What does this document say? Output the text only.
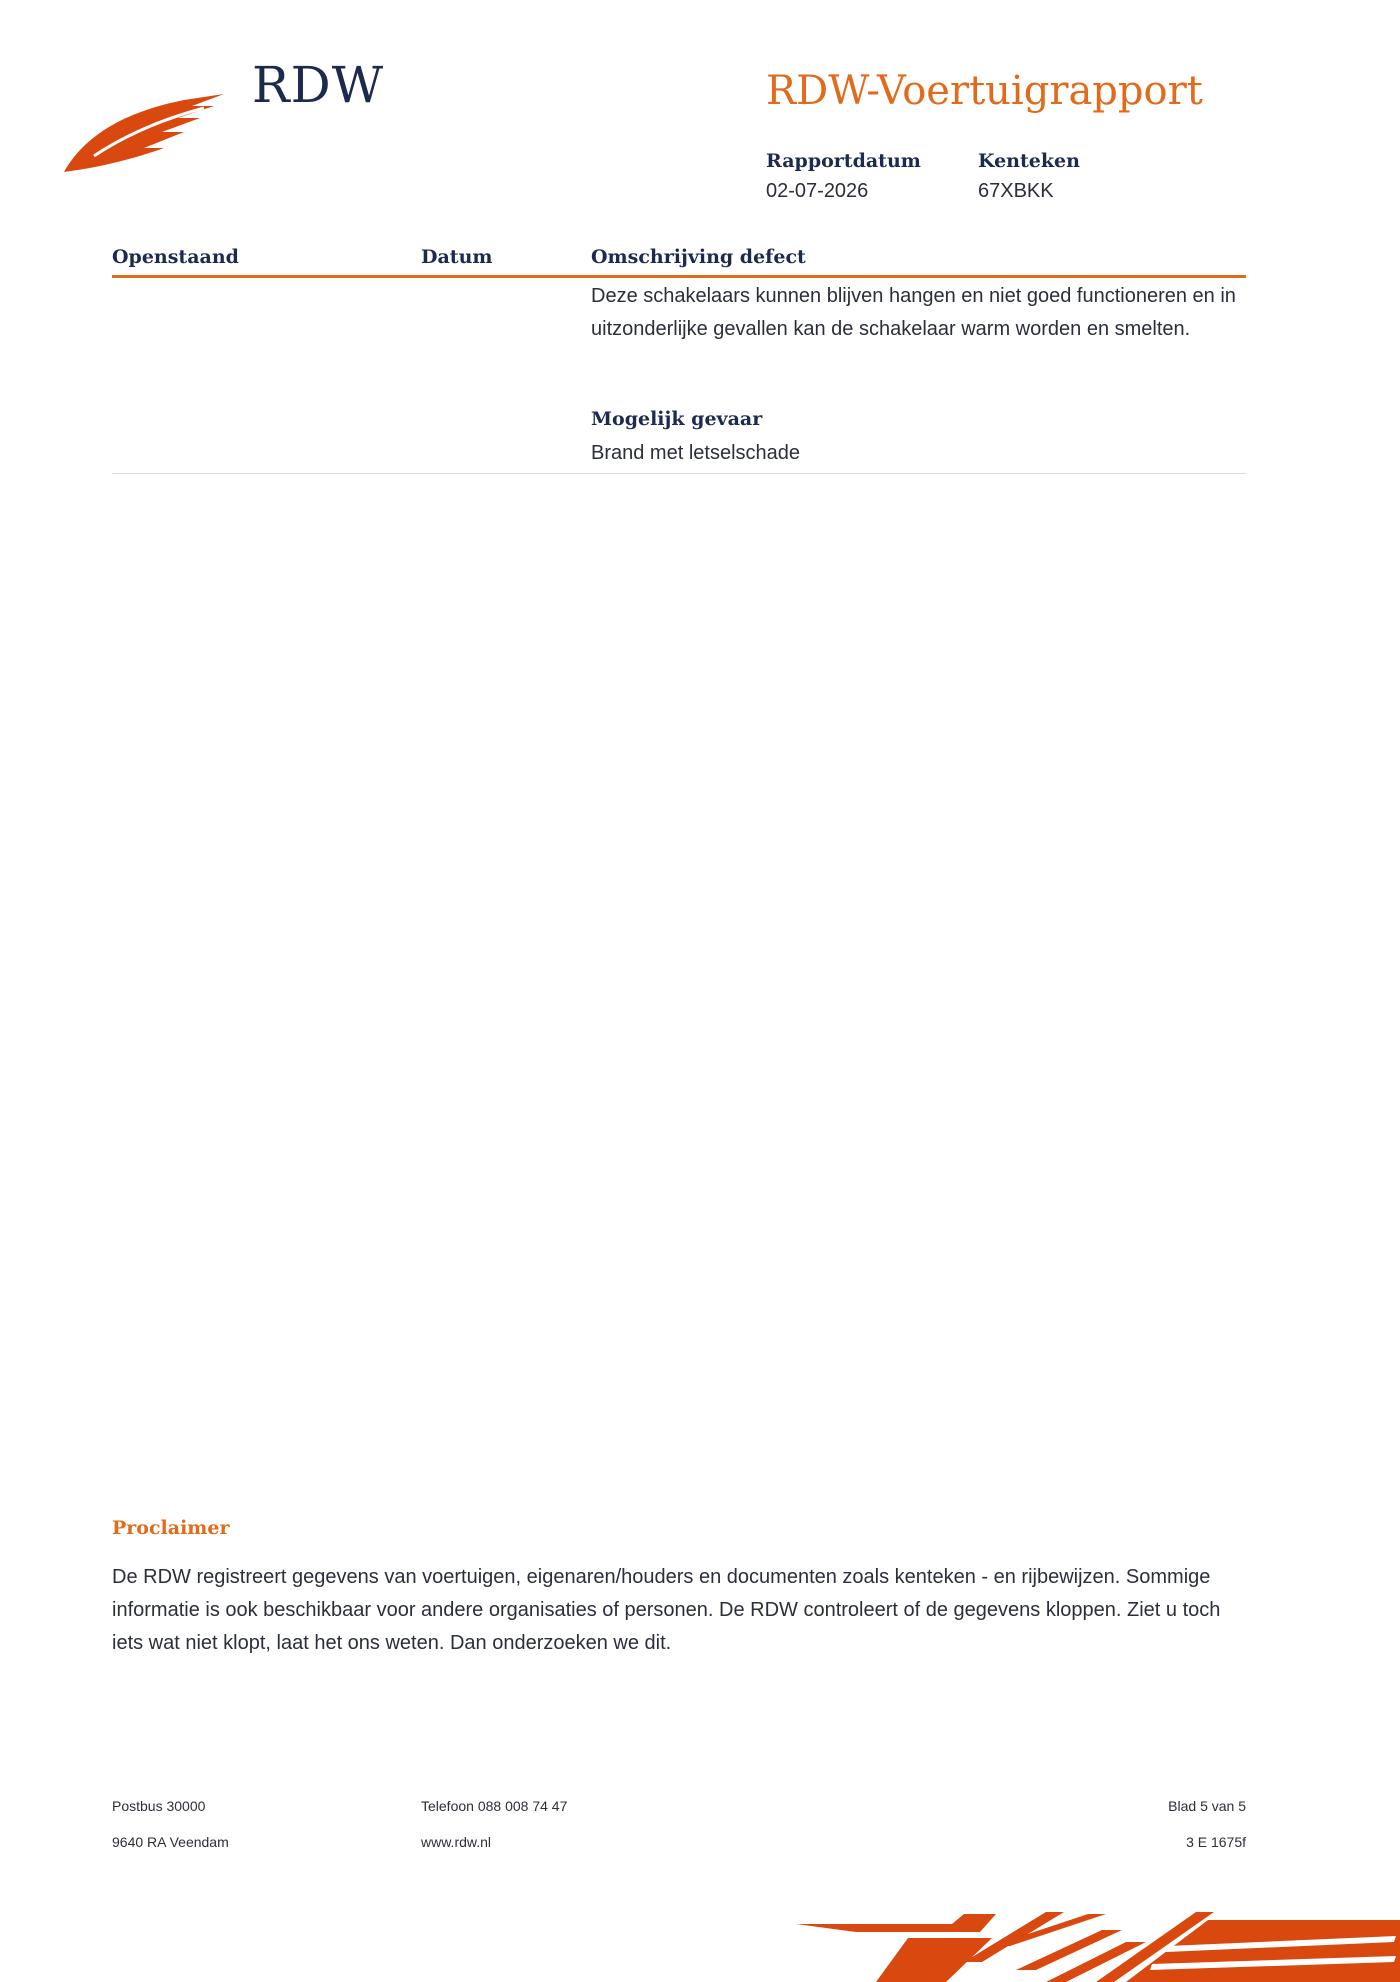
RDW	RDW-Voertuigrapport
Rapportdatum
02-07-2026
Kenteken
67XBKK
Openstaand	Datum	Omschrijving defect
Deze schakelaars kunnen blijven hangen en niet goed functioneren en in uitzonderlijke gevallen kan de schakelaar warm worden en smelten.
Mogelijk gevaar
Brand met letselschade
Proclaimer
De RDW registreert gegevens van voertuigen, eigenaren/houders en documenten zoals kenteken - en rijbewijzen. Sommige informatie is ook beschikbaar voor andere organisaties of personen. De RDW controleert of de gegevens kloppen. Ziet u toch iets wat niet klopt, laat het ons weten. Dan onderzoeken we dit.
Postbus 30000
9640 RA Veendam
Telefoon 088 008 74 47
www.rdw.nl
Blad 5 van 5
3 E 1675f
